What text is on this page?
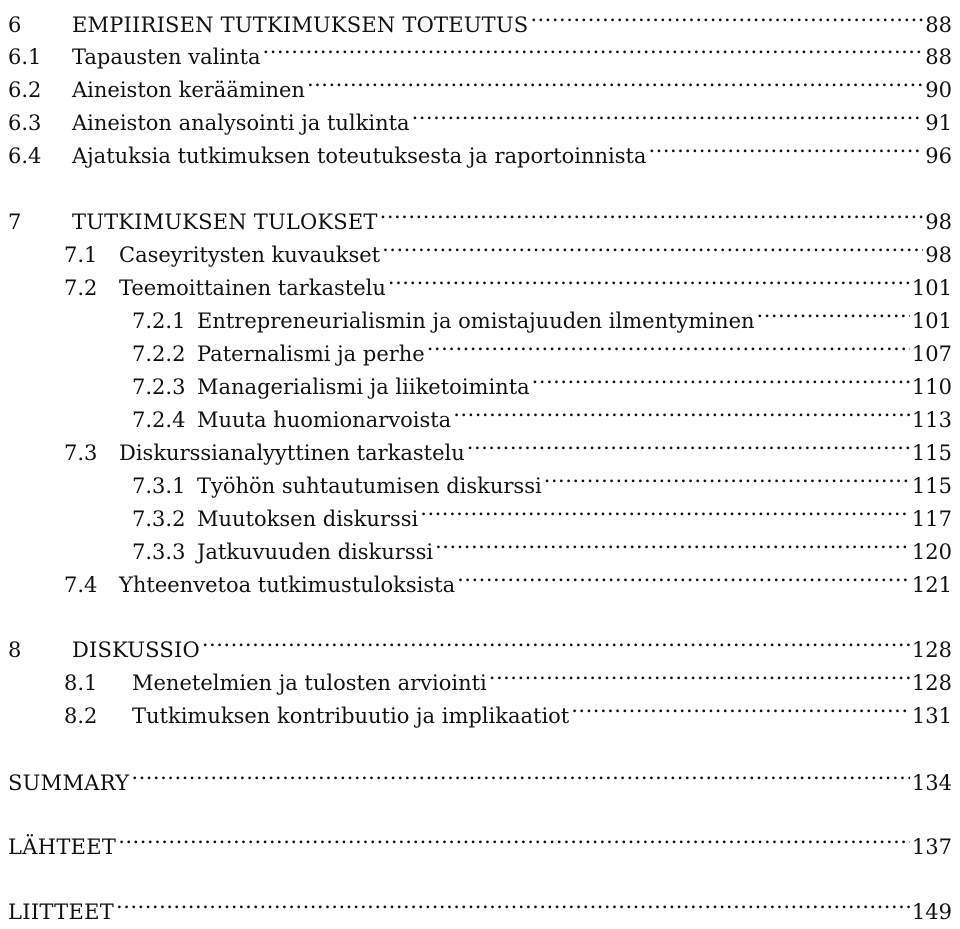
6	EMPIIRISEN TUTKIMUKSEN TOTEUTUS .....	88
6.1	Tapausten valinta .....	88
6.2	Aineiston kerääminen .....	90
6.3	Aineiston analysointi ja tulkinta .....	91
6.4	Ajatuksia tutkimuksen toteutuksesta ja raportoinnista .....	96
7	TUTKIMUKSEN TULOKSET .....	98
7.1	Caseyritysten kuvaukset .....	98
7.2	Teemoittainen tarkastelu .....	101
7.2.1 Entrepreneurialismin ja omistajuuden ilmentyminen .....	101
7.2.2 Paternalismi ja perhe .....	107
7.2.3 Managerialismi ja liiketoiminta .....	110
7.2.4 Muuta huomionarvoista .....	113
7.3	Diskurssianalyyttinen tarkastelu .....	115
7.3.1 Työhön suhtautumisen diskurssi .....	115
7.3.2 Muutoksen diskurssi .....	117
7.3.3 Jatkuvuuden diskurssi .....	120
7.4	Yhteenvetoa tutkimustuloksista .....	121
8	DISKUSSIO .....	128
8.1	Menetelmien ja tulosten arviointi .....	128
8.2	Tutkimuksen kontribuutio ja implikaatiot .....	131
SUMMARY .....	134
LÄHTEET .....	137
LIITTEET .....	149
